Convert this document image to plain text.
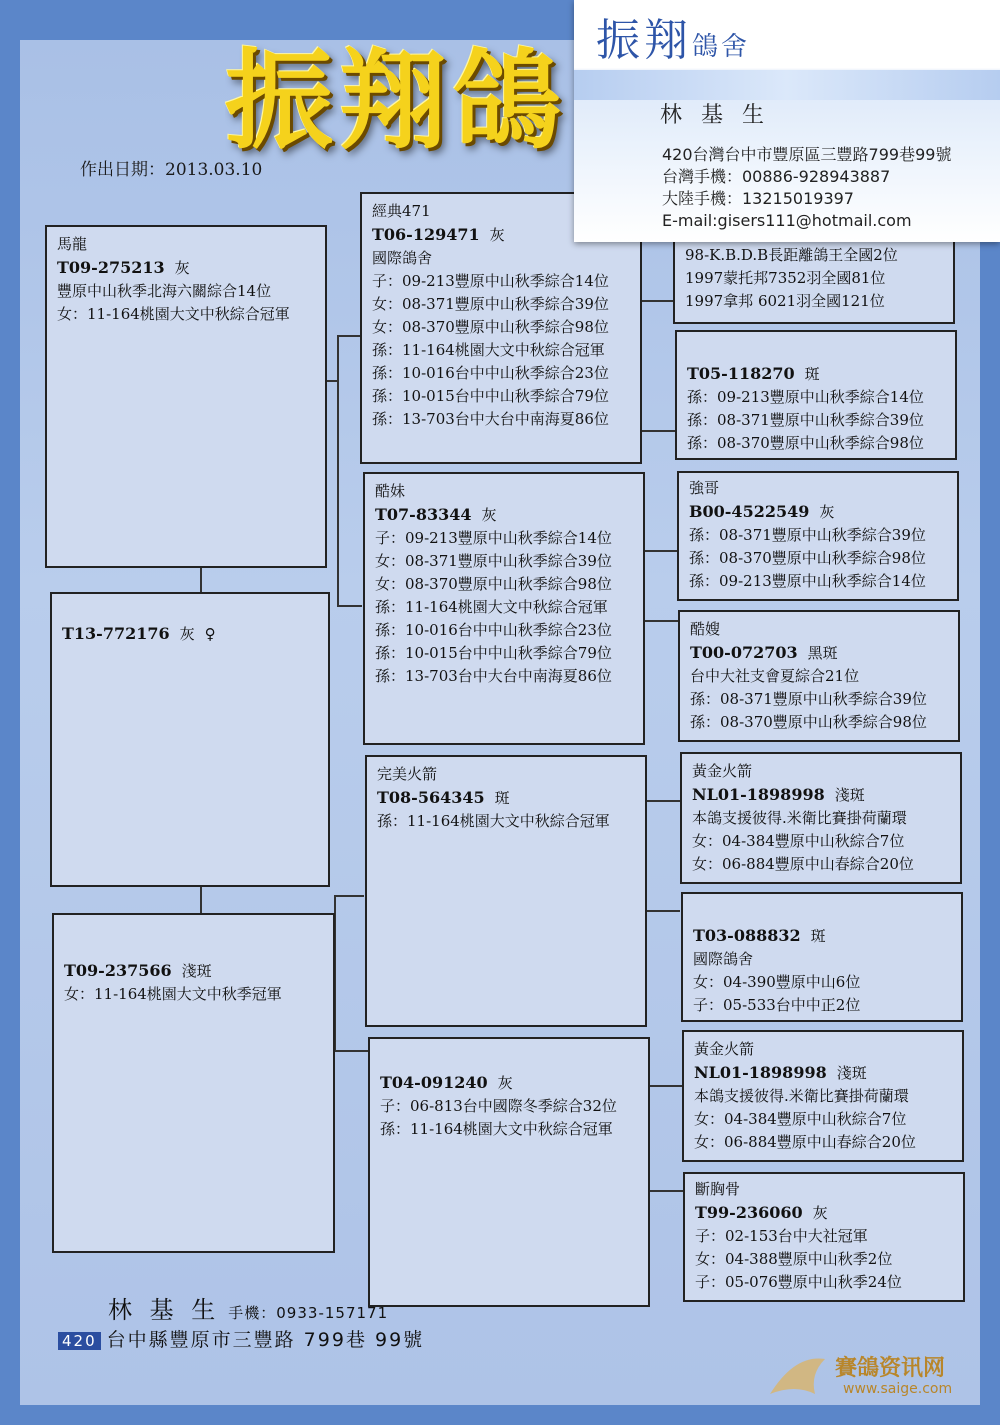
振翔鴿
作出日期：2013.03.10
馬龍
T09-275213 灰
豐原中山秋季北海六關綜合14位
女：11-164桃園大文中秋綜合冠軍
T13-772176 灰 ♀
T09-237566 淺斑
女：11-164桃園大文中秋季冠軍
經典471
T06-129471 灰
國際鴿舍
子：09-213豐原中山秋季綜合14位
女：08-371豐原中山秋季綜合39位
女：08-370豐原中山秋季綜合98位
孫：11-164桃園大文中秋綜合冠軍
孫：10-016台中中山秋季綜合23位
孫：10-015台中中山秋季綜合79位
孫：13-703台中大台中南海夏86位
酷妹
T07-83344 灰
子：09-213豐原中山秋季綜合14位
女：08-371豐原中山秋季綜合39位
女：08-370豐原中山秋季綜合98位
孫：11-164桃園大文中秋綜合冠軍
孫：10-016台中中山秋季綜合23位
孫：10-015台中中山秋季綜合79位
孫：13-703台中大台中南海夏86位
完美火箭
T08-564345 斑
孫：11-164桃園大文中秋綜合冠軍
T04-091240 灰
子：06-813台中國際冬季綜合32位
孫：11-164桃園大文中秋綜合冠軍
98-K.B.D.B長距離鴿王全國2位
1997蒙托邦7352羽全國81位
1997拿邦 6021羽全國121位
T05-118270 斑
孫：09-213豐原中山秋季綜合14位
孫：08-371豐原中山秋季綜合39位
孫：08-370豐原中山秋季綜合98位
強哥
B00-4522549 灰
孫：08-371豐原中山秋季綜合39位
孫：08-370豐原中山秋季綜合98位
孫：09-213豐原中山秋季綜合14位
酷嫂
T00-072703 黑斑
台中大社支會夏綜合21位
孫：08-371豐原中山秋季綜合39位
孫：08-370豐原中山秋季綜合98位
黃金火箭
NL01-1898998 淺斑
本鴿支援彼得.米衛比賽掛荷蘭環
女：04-384豐原中山秋綜合7位
女：06-884豐原中山春綜合20位
T03-088832 斑
國際鴿舍
女：04-390豐原中山6位
子：05-533台中中正2位
黃金火箭
NL01-1898998 淺斑
本鴿支援彼得.米衛比賽掛荷蘭環
女：04-384豐原中山秋綜合7位
女：06-884豐原中山春綜合20位
斷胸骨
T99-236060 灰
子：02-153台中大社冠軍
女：04-388豐原中山秋季2位
子：05-076豐原中山秋季24位
振翔鴿舍
林 基 生
420台灣台中市豐原區三豐路799巷99號
台灣手機：00886-928943887
大陸手機：13215019397
E-mail:gisers111@hotmail.com
林 基 生 手機：0933-157171
420 台中縣豐原市三豐路 799巷 99號
賽鴿资讯网
www.saige.com
